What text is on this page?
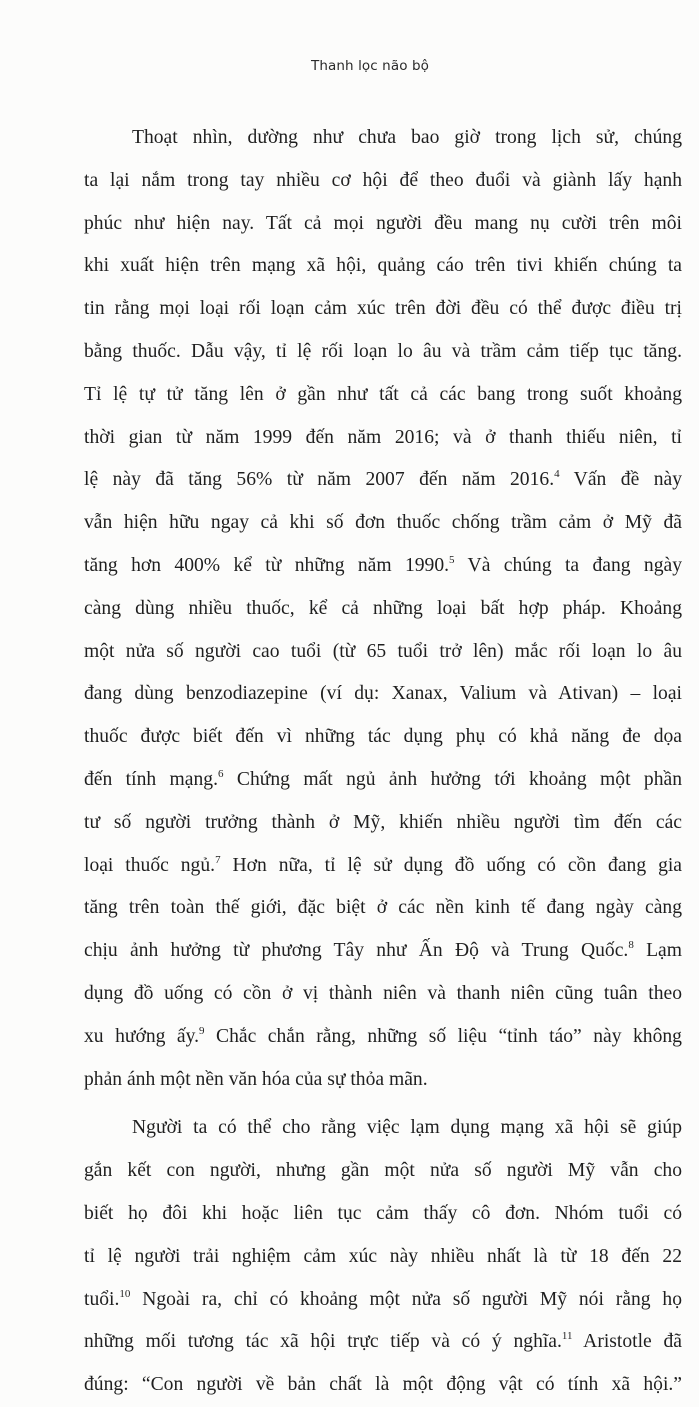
Thanh lọc não bộ
Thoạt nhìn, dường như chưa bao giờ trong lịch sử, chúng
ta lại nắm trong tay nhiều cơ hội để theo đuổi và giành lấy hạnh
phúc như hiện nay. Tất cả mọi người đều mang nụ cười trên môi
khi xuất hiện trên mạng xã hội, quảng cáo trên tivi khiến chúng ta
tin rằng mọi loại rối loạn cảm xúc trên đời đều có thể được điều trị
bằng thuốc. Dẫu vậy, tỉ lệ rối loạn lo âu và trầm cảm tiếp tục tăng.
Tỉ lệ tự tử tăng lên ở gần như tất cả các bang trong suốt khoảng
thời gian từ năm 1999 đến năm 2016; và ở thanh thiếu niên, tỉ
lệ này đã tăng 56% từ năm 2007 đến năm 2016.$^4$ Vấn đề này
vẫn hiện hữu ngay cả khi số đơn thuốc chống trầm cảm ở Mỹ đã
tăng hơn 400% kể từ những năm 1990.$^5$ Và chúng ta đang ngày
càng dùng nhiều thuốc, kể cả những loại bất hợp pháp. Khoảng
một nửa số người cao tuổi (từ 65 tuổi trở lên) mắc rối loạn lo âu
đang dùng benzodiazepine (ví dụ: Xanax, Valium và Ativan) – loại
thuốc được biết đến vì những tác dụng phụ có khả năng đe dọa
đến tính mạng.$^6$ Chứng mất ngủ ảnh hưởng tới khoảng một phần
tư số người trưởng thành ở Mỹ, khiến nhiều người tìm đến các
loại thuốc ngủ.$^7$ Hơn nữa, tỉ lệ sử dụng đồ uống có cồn đang gia
tăng trên toàn thế giới, đặc biệt ở các nền kinh tế đang ngày càng
chịu ảnh hưởng từ phương Tây như Ấn Độ và Trung Quốc.$^8$ Lạm
dụng đồ uống có cồn ở vị thành niên và thanh niên cũng tuân theo
xu hướng ấy.$^9$ Chắc chắn rằng, những số liệu “tỉnh táo” này không
phản ánh một nền văn hóa của sự thỏa mãn.
Người ta có thể cho rằng việc lạm dụng mạng xã hội sẽ giúp
gắn kết con người, nhưng gần một nửa số người Mỹ vẫn cho
biết họ đôi khi hoặc liên tục cảm thấy cô đơn. Nhóm tuổi có
tỉ lệ người trải nghiệm cảm xúc này nhiều nhất là từ 18 đến 22
tuổi.$^{10}$ Ngoài ra, chỉ có khoảng một nửa số người Mỹ nói rằng họ
những mối tương tác xã hội trực tiếp và có ý nghĩa.$^{11}$ Aristotle đã
đúng: “Con người về bản chất là một động vật có tính xã hội.”
